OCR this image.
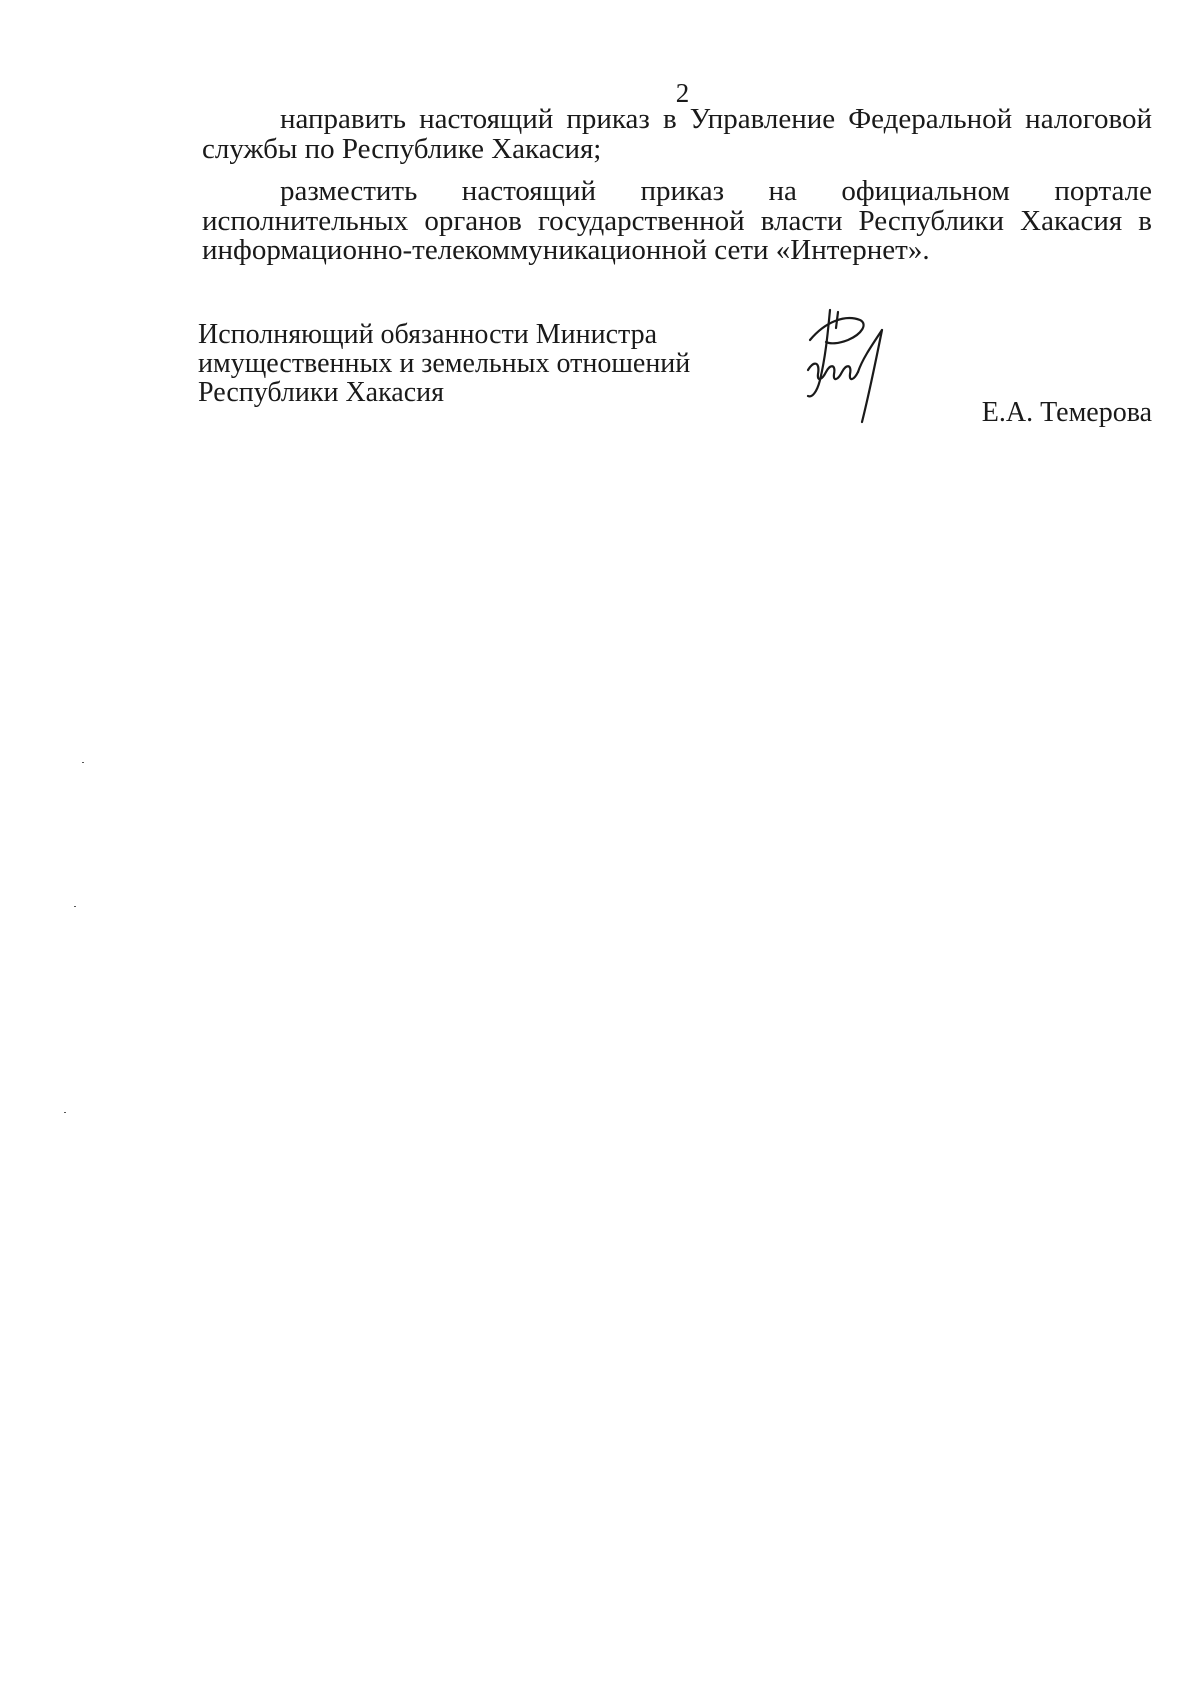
2

направить настоящий приказ в Управление Федеральной налоговой службы по Республике Хакасия;

разместить настоящий приказ на официальном портале исполнительных органов государственной власти Республики Хакасия в информационно-телекоммуникационной сети «Интернет».

Исполняющий обязанности Министра
имущественных и земельных отношений
Республики Хакасия
Е.А. Темерова
